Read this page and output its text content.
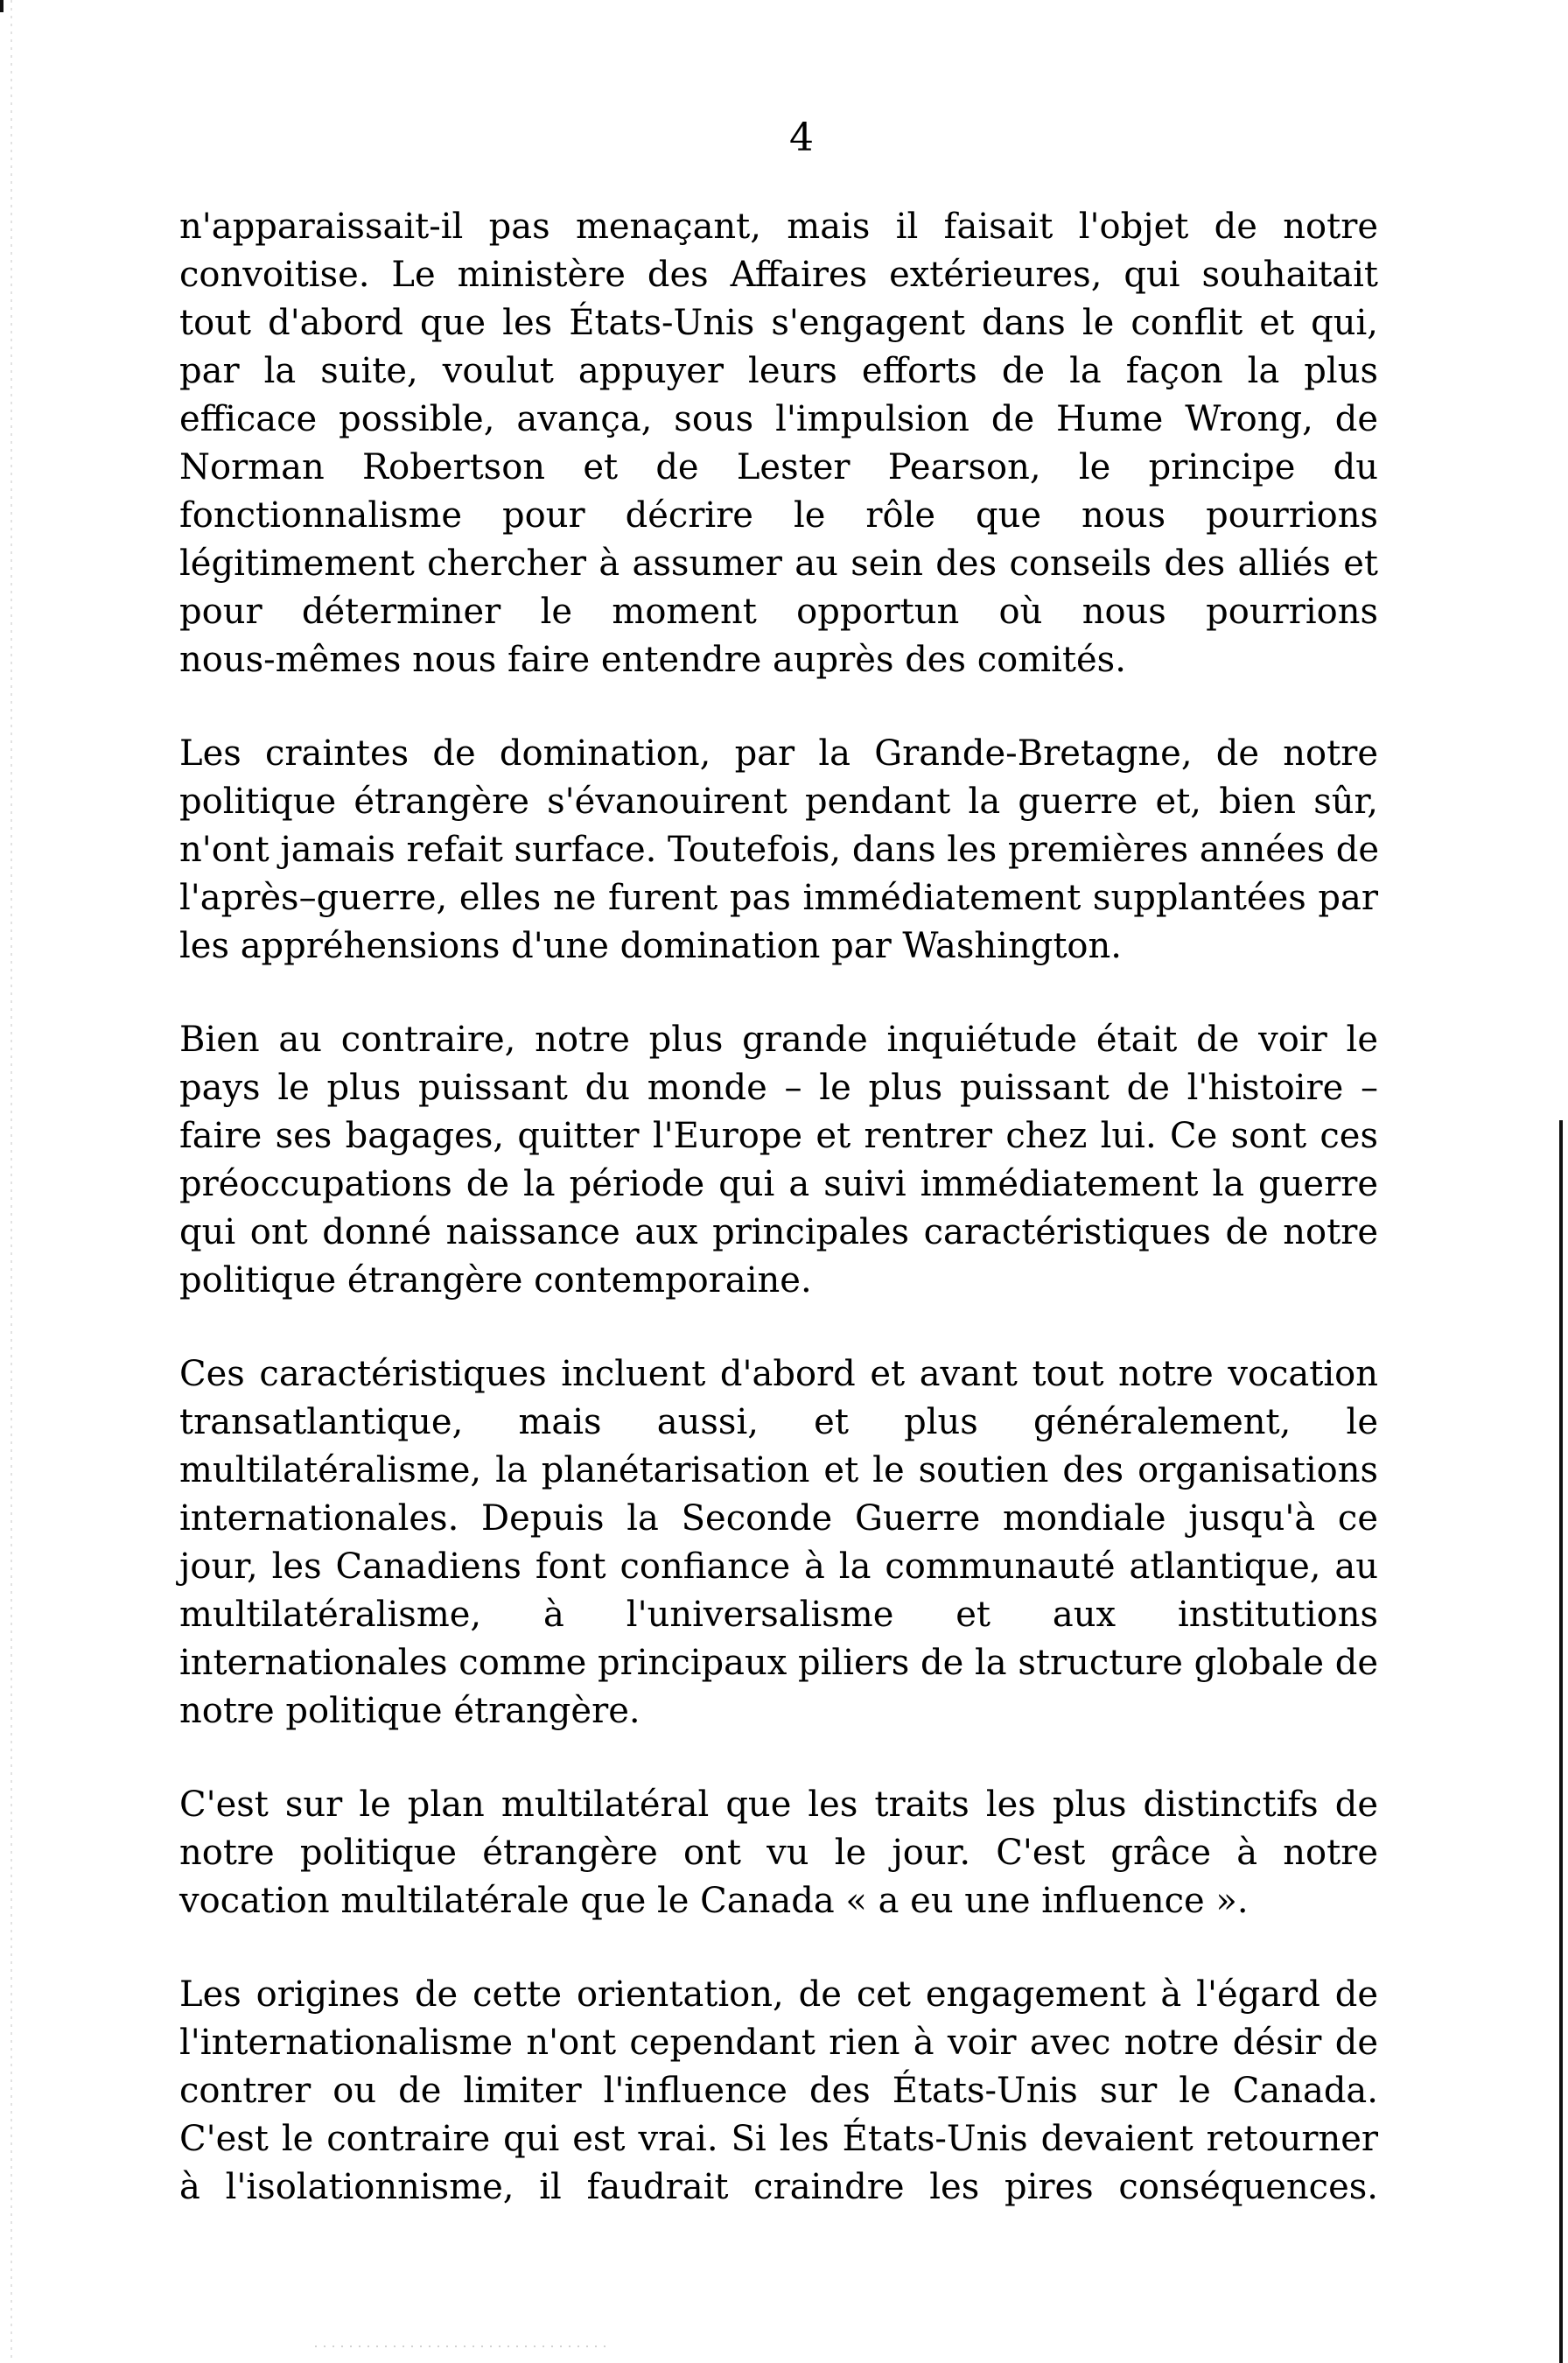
4

n'apparaissait-il pas menaçant, mais il faisait l'objet de notre
convoitise. Le ministère des Affaires extérieures, qui souhaitait
tout d'abord que les États-Unis s'engagent dans le conflit et qui,
par la suite, voulut appuyer leurs efforts de la façon la plus
efficace possible, avança, sous l'impulsion de Hume Wrong, de
Norman Robertson et de Lester Pearson, le principe du
fonctionnalisme pour décrire le rôle que nous pourrions
légitimement chercher à assumer au sein des conseils des alliés et
pour déterminer le moment opportun où nous pourrions
nous-mêmes nous faire entendre auprès des comités.

Les craintes de domination, par la Grande-Bretagne, de notre
politique étrangère s'évanouirent pendant la guerre et, bien sûr,
n'ont jamais refait surface. Toutefois, dans les premières années de
l'après–guerre, elles ne furent pas immédiatement supplantées par
les appréhensions d'une domination par Washington.

Bien au contraire, notre plus grande inquiétude était de voir le
pays le plus puissant du monde – le plus puissant de l'histoire –
faire ses bagages, quitter l'Europe et rentrer chez lui. Ce sont ces
préoccupations de la période qui a suivi immédiatement la guerre
qui ont donné naissance aux principales caractéristiques de notre
politique étrangère contemporaine.

Ces caractéristiques incluent d'abord et avant tout notre vocation
transatlantique, mais aussi, et plus généralement, le
multilatéralisme, la planétarisation et le soutien des organisations
internationales. Depuis la Seconde Guerre mondiale jusqu'à ce
jour, les Canadiens font confiance à la communauté atlantique, au
multilatéralisme, à l'universalisme et aux institutions
internationales comme principaux piliers de la structure globale de
notre politique étrangère.

C'est sur le plan multilatéral que les traits les plus distinctifs de
notre politique étrangère ont vu le jour. C'est grâce à notre
vocation multilatérale que le Canada « a eu une influence ».

Les origines de cette orientation, de cet engagement à l'égard de
l'internationalisme n'ont cependant rien à voir avec notre désir de
contrer ou de limiter l'influence des États-Unis sur le Canada.
C'est le contraire qui est vrai. Si les États-Unis devaient retourner
à l'isolationnisme, il faudrait craindre les pires conséquences.
